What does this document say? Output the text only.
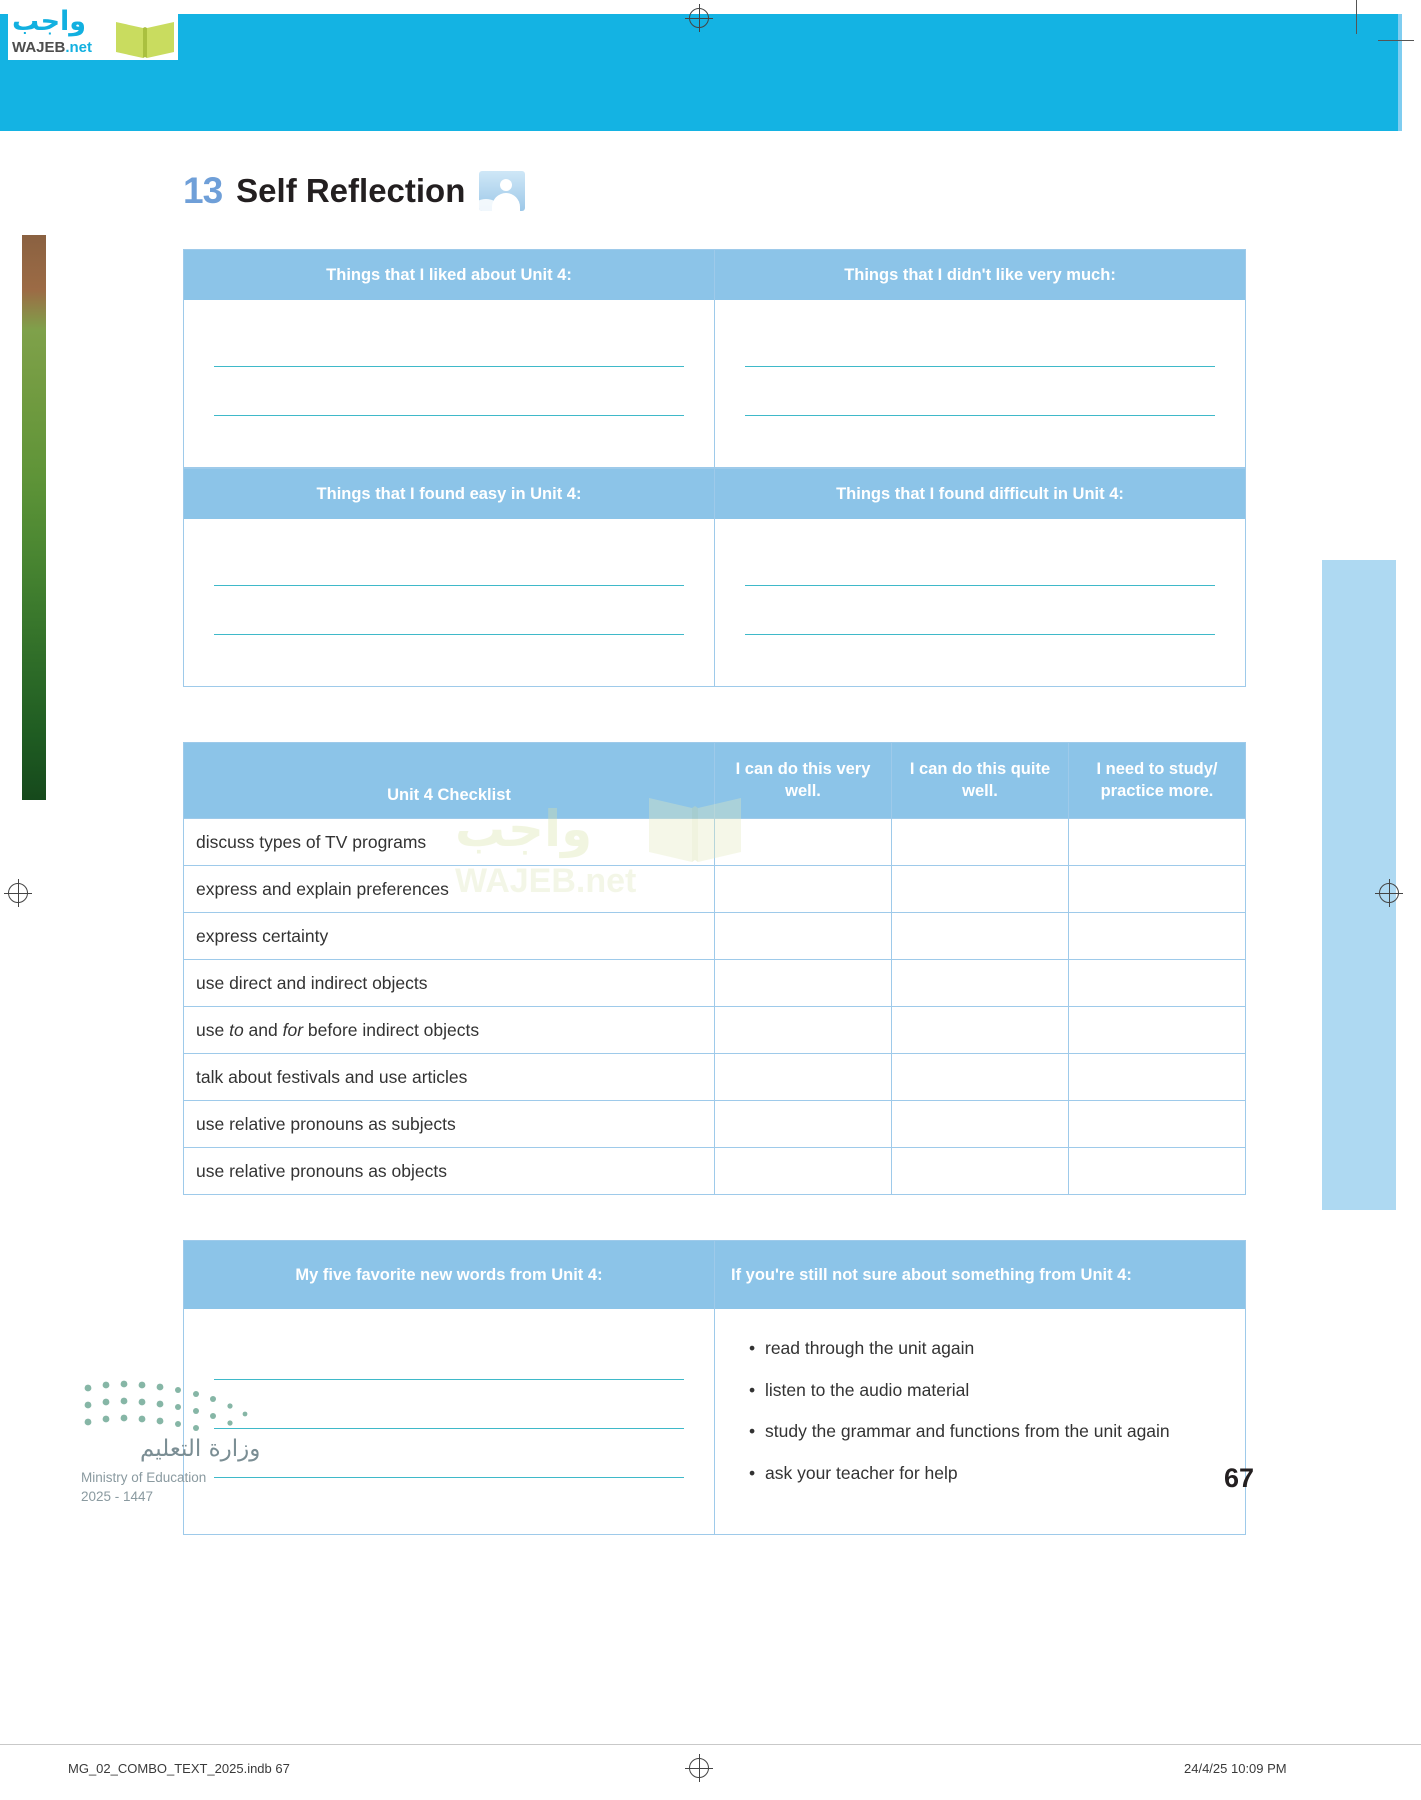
واجب
WAJEB.net
13 Self Reflection
Things that I liked about Unit 4:	Things that I didn't like very much:
Things that I found easy in Unit 4:	Things that I found difficult in Unit 4:
واجب
WAJEB.net
Unit 4 Checklist	I can do this very well.	I can do this quite well.	I need to study/ practice more.
discuss types of TV programs			
express and explain preferences			
express certainty			
use direct and indirect objects			
use to and for before indirect objects			
talk about festivals and use articles			
use relative pronouns as subjects			
use relative pronouns as objects			
My five favorite new words from Unit 4:	If you're still not sure about something from Unit 4:
• read through the unit again
• listen to the audio material
• study the grammar and functions from the unit again
• ask your teacher for help
وزارة التعليم
Ministry of Education
2025 - 1447
67
MG_02_COMBO_TEXT_2025.indb 67	24/4/25 10:09 PM
